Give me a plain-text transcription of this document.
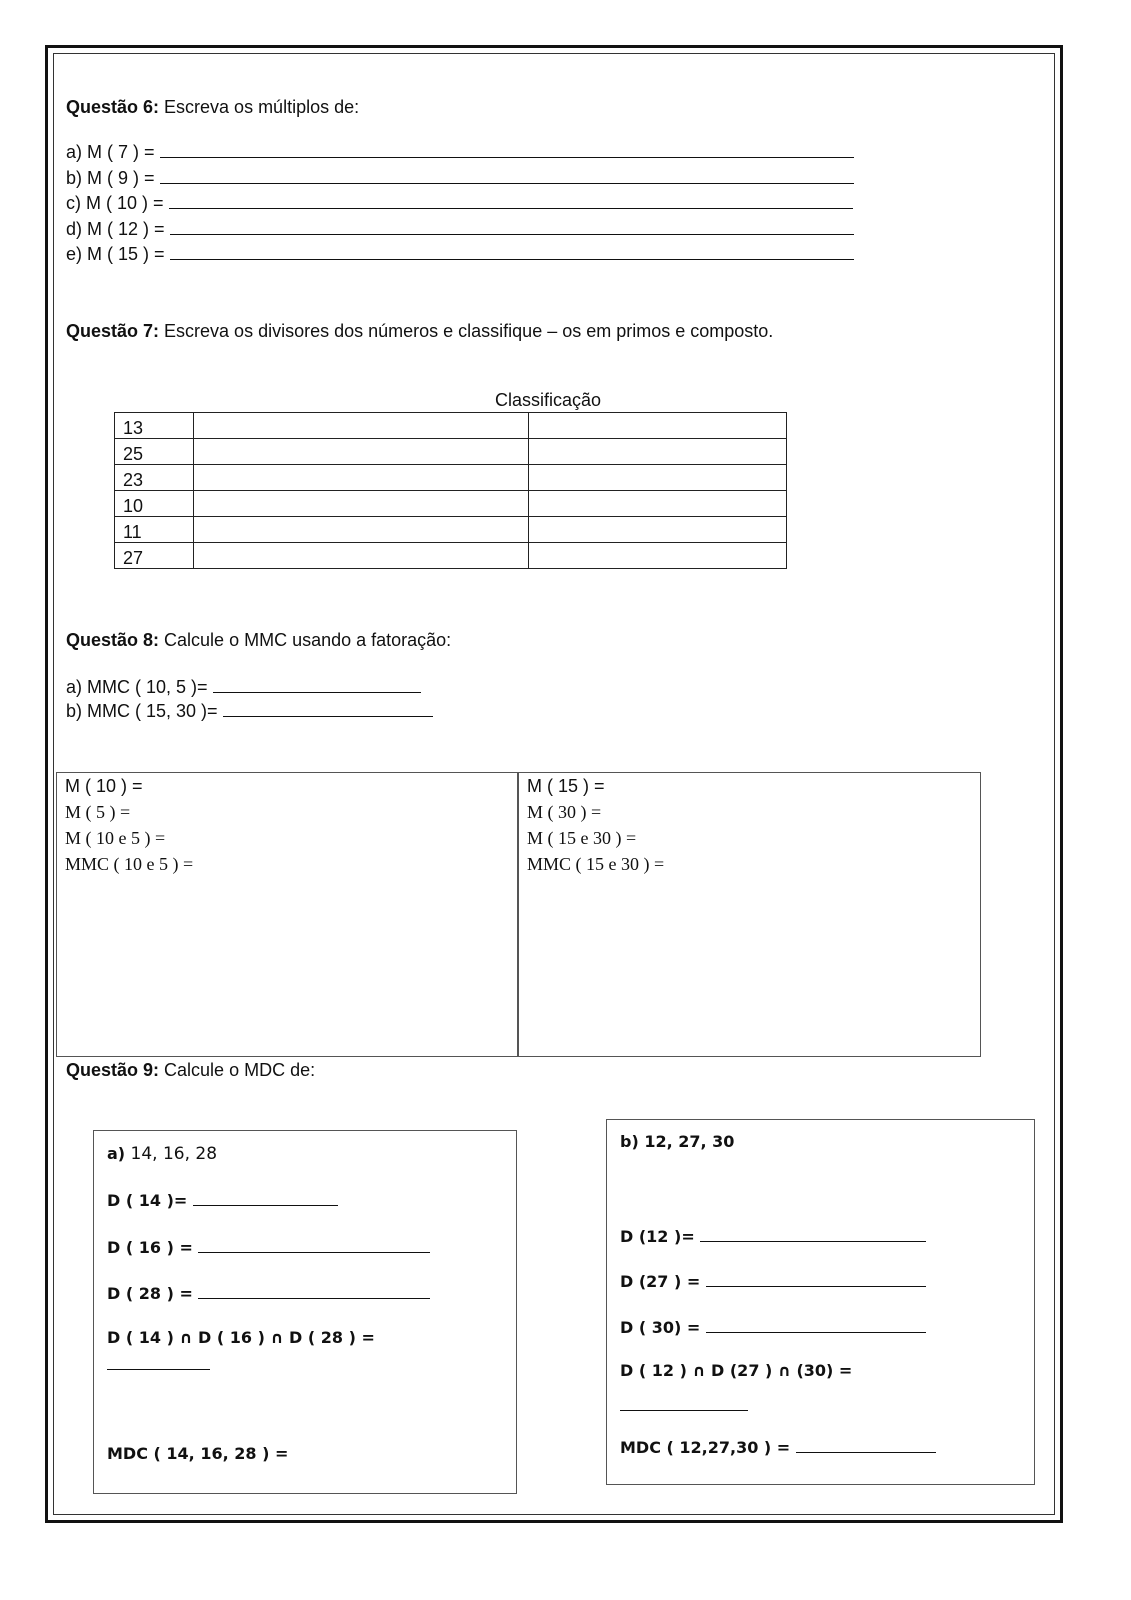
Questão 6: Escreva os múltiplos de:
a) M ( 7 ) =
b) M ( 9 ) =
c) M ( 10 ) =
d) M ( 12 ) =
e) M ( 15 ) =
Questão 7: Escreva os divisores dos números e classifique – os em primos e composto.
Classificação
13		
25		
23		
10		
11		
27		
Questão 8: Calcule o MMC usando a fatoração:
a) MMC ( 10, 5 )=
b) MMC ( 15, 30 )=
M ( 10 ) =
M ( 5 ) =
M ( 10 e 5 ) =
MMC ( 10 e 5 ) =
M ( 15 ) =
M ( 30 ) =
M ( 15 e 30 ) =
MMC ( 15 e 30 ) =
Questão 9: Calcule o MDC de:
a) 14, 16, 28
D ( 14 )=
D ( 16 ) =
D ( 28 ) =
D ( 14 ) ∩ D ( 16 ) ∩ D ( 28 ) =
MDC ( 14, 16, 28 ) =
b) 12, 27, 30
D (12 )=
D (27 ) =
D ( 30) =
D ( 12 ) ∩ D (27 ) ∩ (30) =
MDC ( 12,27,30 ) =
